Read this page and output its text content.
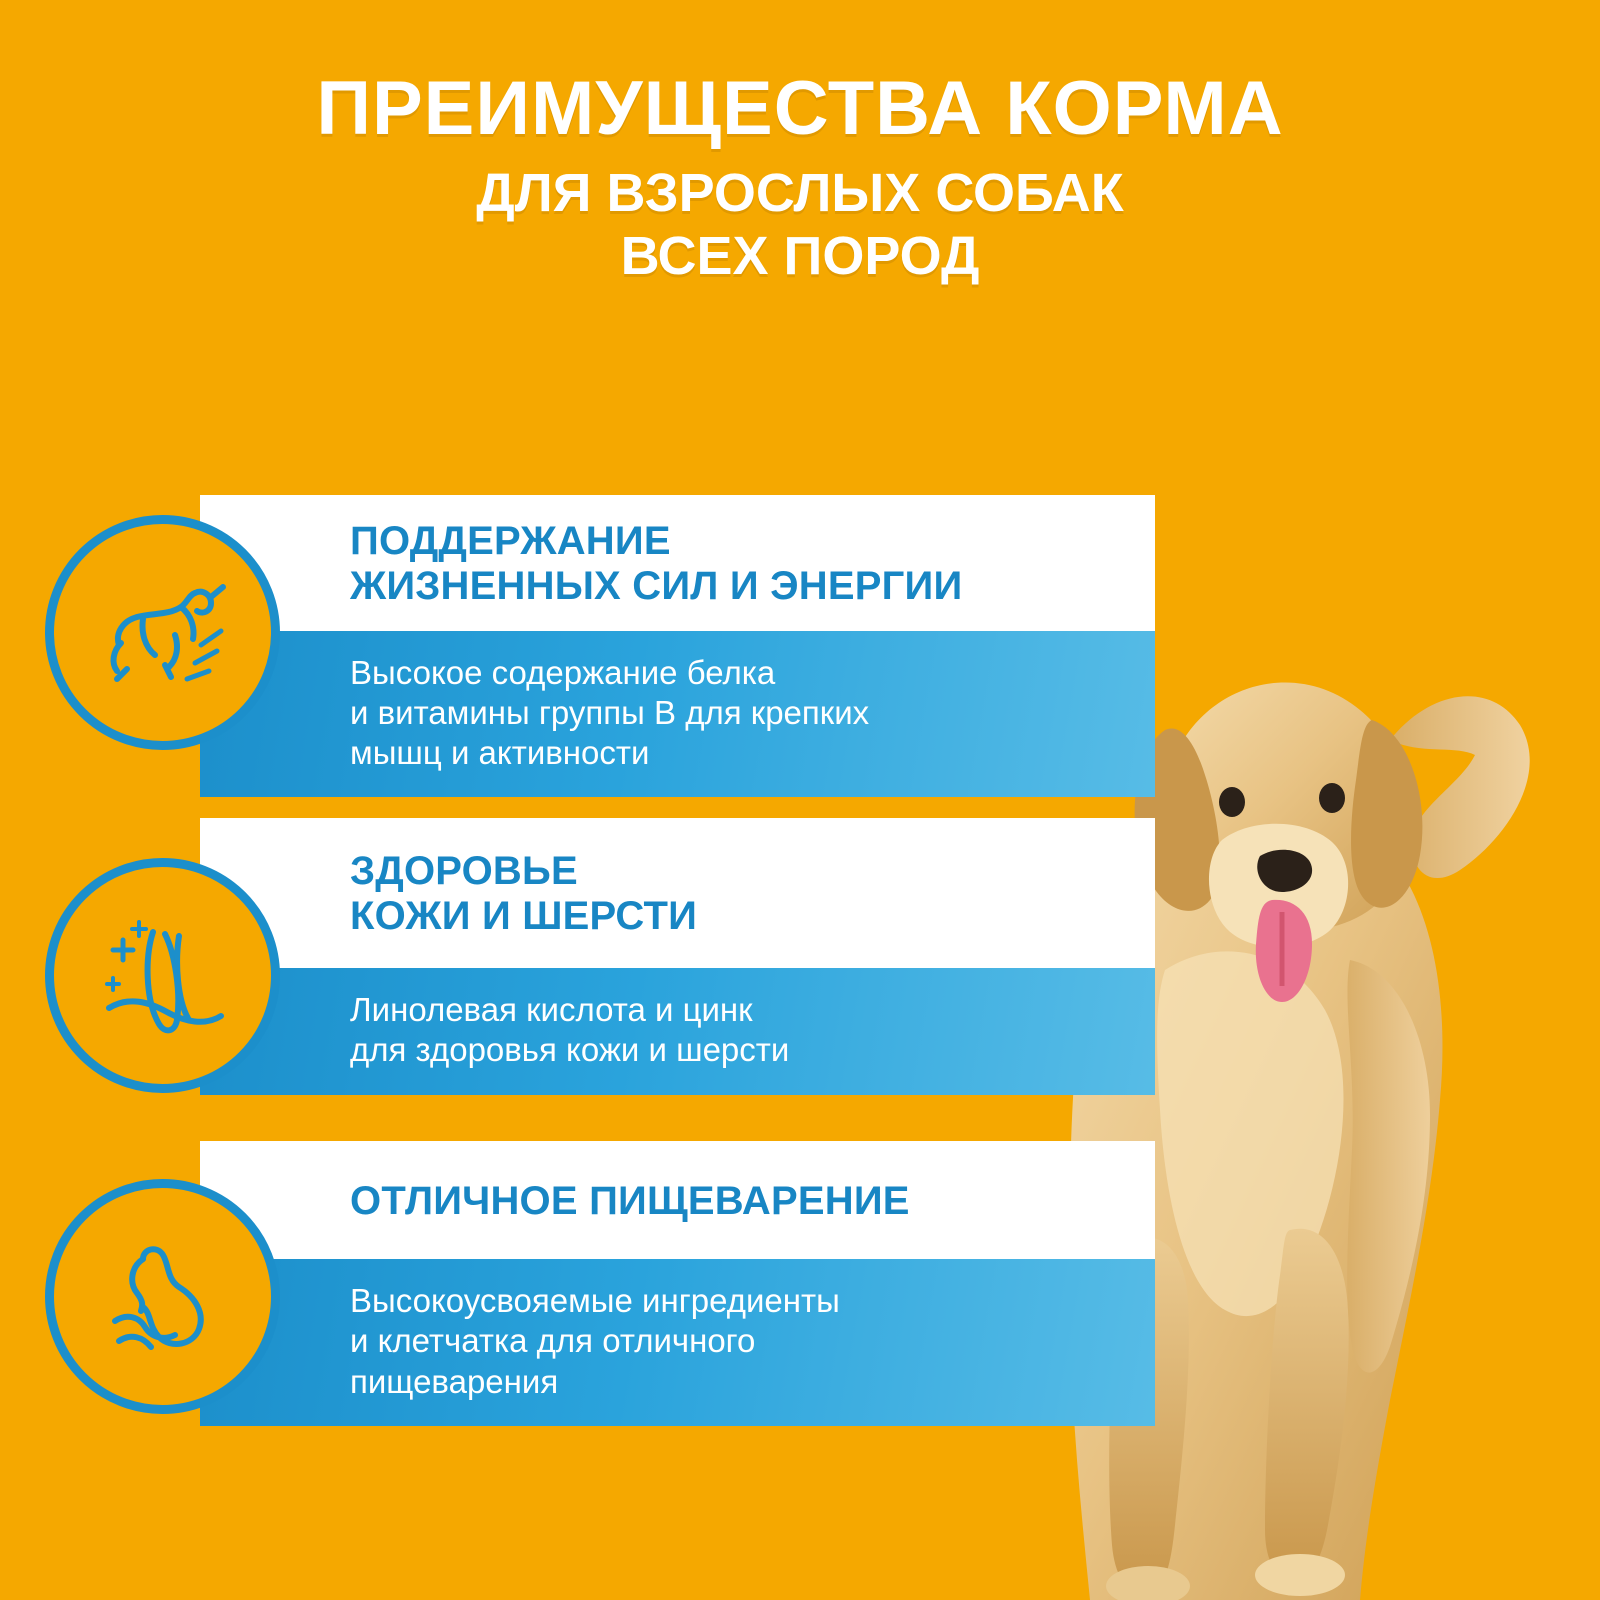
ПРЕИМУЩЕСТВА КОРМА
ДЛЯ ВЗРОСЛЫХ СОБАК
ВСЕХ ПОРОД
ПОДДЕРЖАНИЕ
ЖИЗНЕННЫХ СИЛ И ЭНЕРГИИ
Высокое содержание белка
и витамины группы В для крепких
мышц и активности
ЗДОРОВЬЕ
КОЖИ И ШЕРСТИ
Линолевая кислота и цинк
для здоровья кожи и шерсти
ОТЛИЧНОЕ ПИЩЕВАРЕНИЕ
Высокоусвояемые ингредиенты
и клетчатка для отличного
пищеварения
